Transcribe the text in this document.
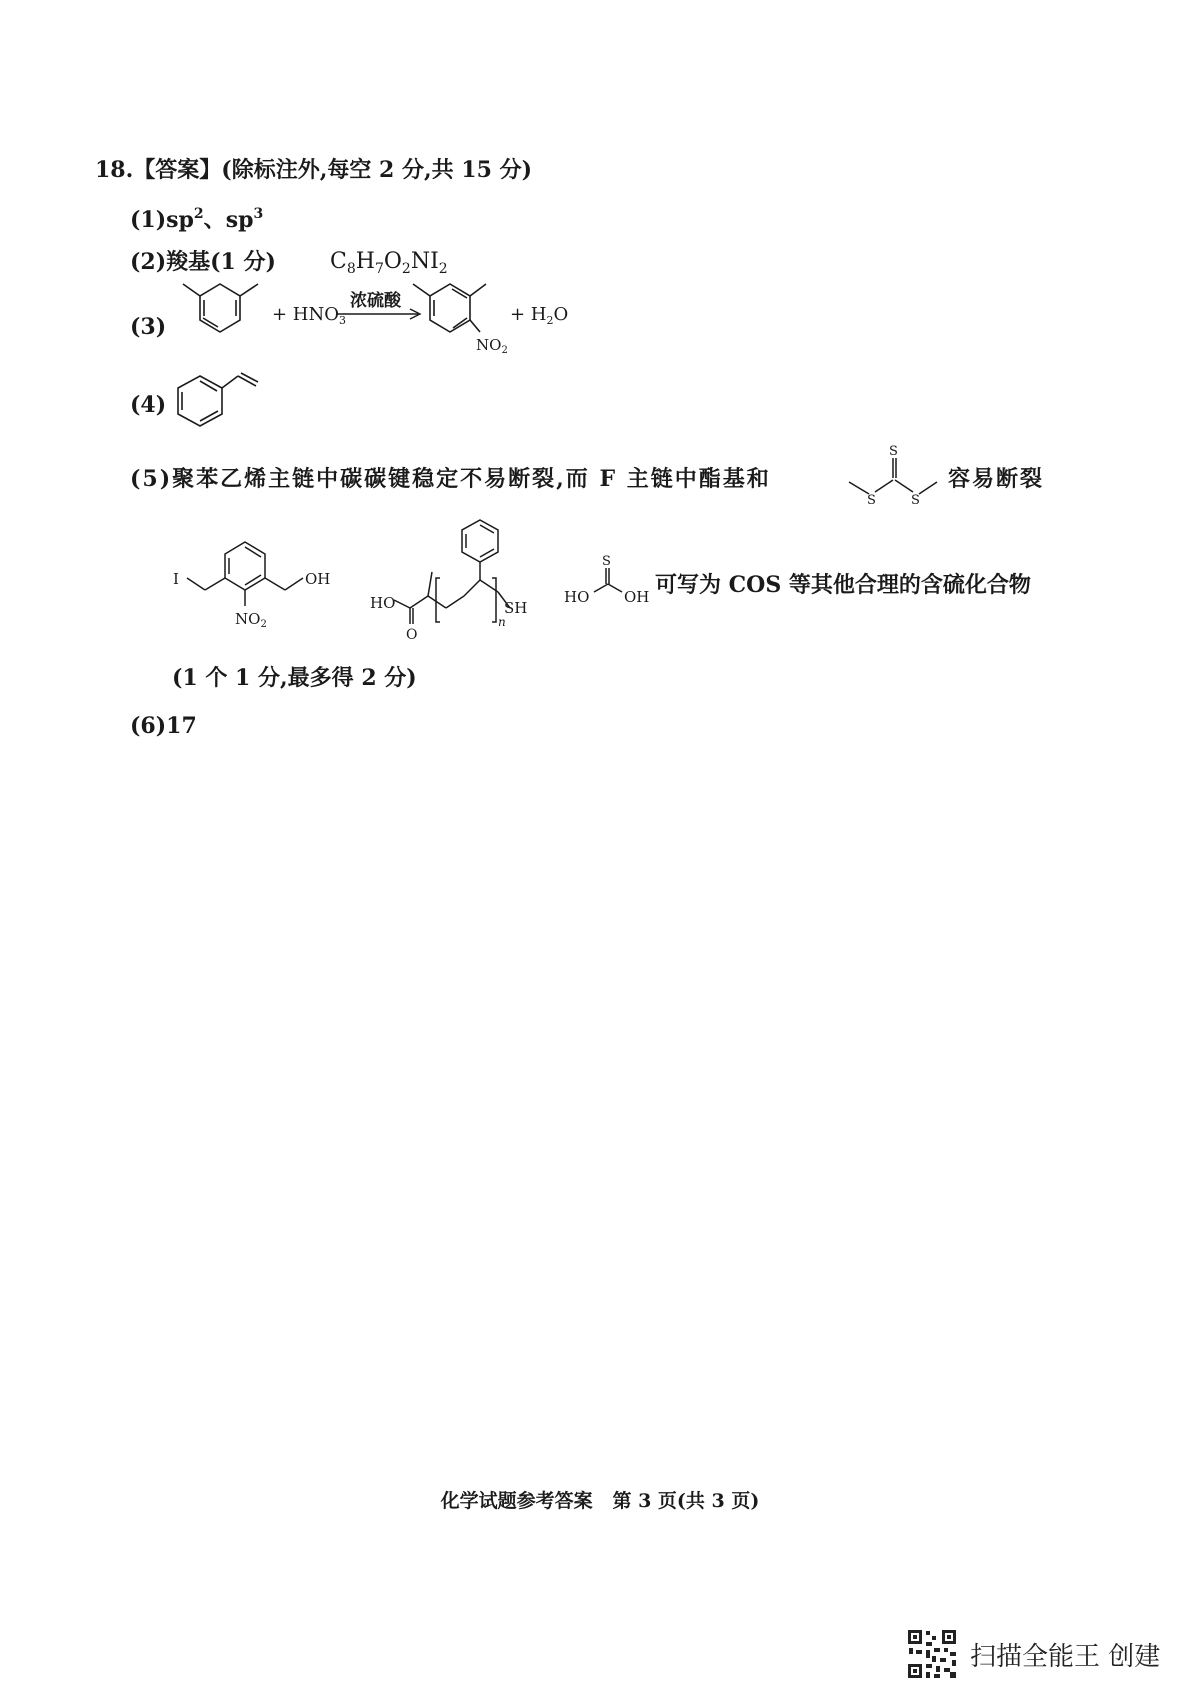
18.【答案】(除标注外,每空 2 分,共 15 分)
$(1)sp^2$、$sp^3$
(2)羧基(1 分) $C_8H_7O_2NI_2$
(3)	+ $HNO_3$
浓硫酸
$NO_2$
+ $H_2O$
(4)
(5)聚苯乙烯主链中碳碳键稳定不易断裂,而 F 主链中酯基和
S
S	S
容易断裂
I	OH
$NO_2$
HO
O
n
SH
S
HO OH 可写为 COS 等其他合理的含硫化合物
(1 个 1 分,最多得 2 分)
(6)17
化学试题参考答案   第 3 页(共 3 页)
扫描全能王 创建
